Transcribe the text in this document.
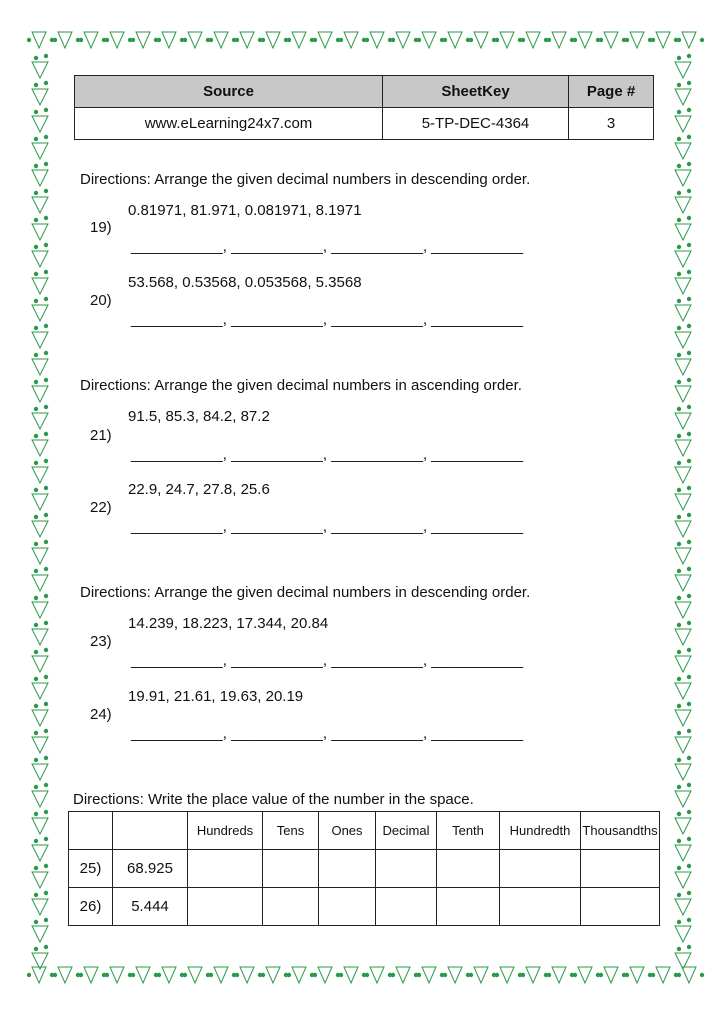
Source	SheetKey	Page #
www.eLearning24x7.com	5-TP-DEC-4364	3
Directions: Arrange the given decimal numbers in descending order.
0.81971, 81.971, 0.081971, 8.1971
19)
___________, ___________, ___________, ___________
53.568, 0.53568, 0.053568, 5.3568
20)
___________, ___________, ___________, ___________
Directions: Arrange the given decimal numbers in ascending order.
91.5, 85.3, 84.2, 87.2
21)
___________, ___________, ___________, ___________
22.9, 24.7, 27.8, 25.6
22)
___________, ___________, ___________, ___________
Directions: Arrange the given decimal numbers in descending order.
14.239, 18.223, 17.344, 20.84
23)
___________, ___________, ___________, ___________
19.91, 21.61, 19.63, 20.19
24)
___________, ___________, ___________, ___________
Directions: Write the place value of the number in the space.
		Hundreds	Tens	Ones	Decimal	Tenth	Hundredth	Thousandths
25)	68.925							
26)	5.444							
